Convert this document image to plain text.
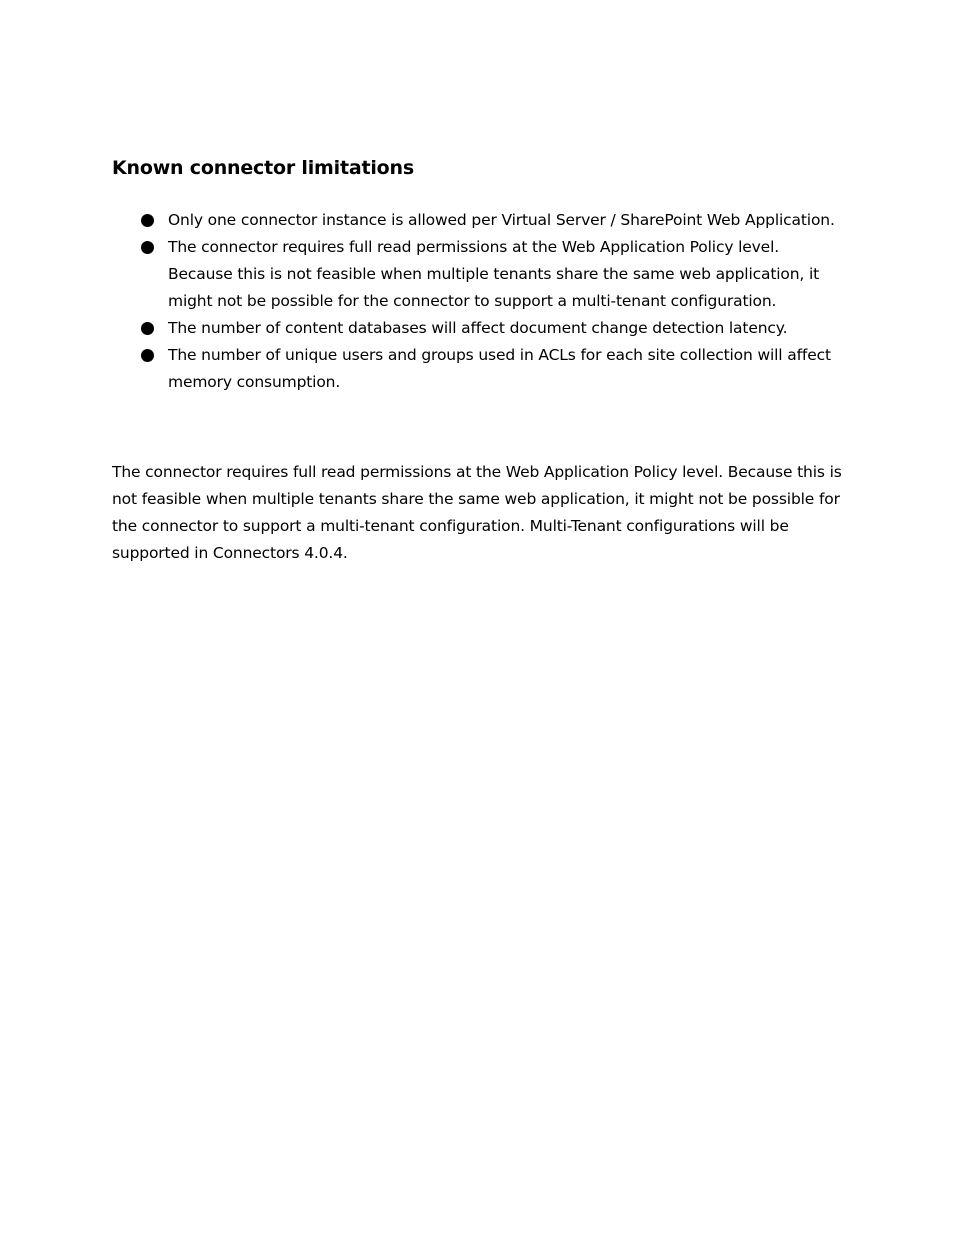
Known connector limitations
Only one connector instance is allowed per Virtual Server / SharePoint Web Application.
The connector requires full read permissions at the Web Application Policy level. Because this is not feasible when multiple tenants share the same web application, it might not be possible for the connector to support a multi-tenant configuration.
The number of content databases will affect document change detection latency.
The number of unique users and groups used in ACLs for each site collection will affect memory consumption.

The connector requires full read permissions at the Web Application Policy level. Because this is not feasible when multiple tenants share the same web application, it might not be possible for the connector to support a multi-tenant configuration. Multi-Tenant configurations will be supported in Connectors 4.0.4.
